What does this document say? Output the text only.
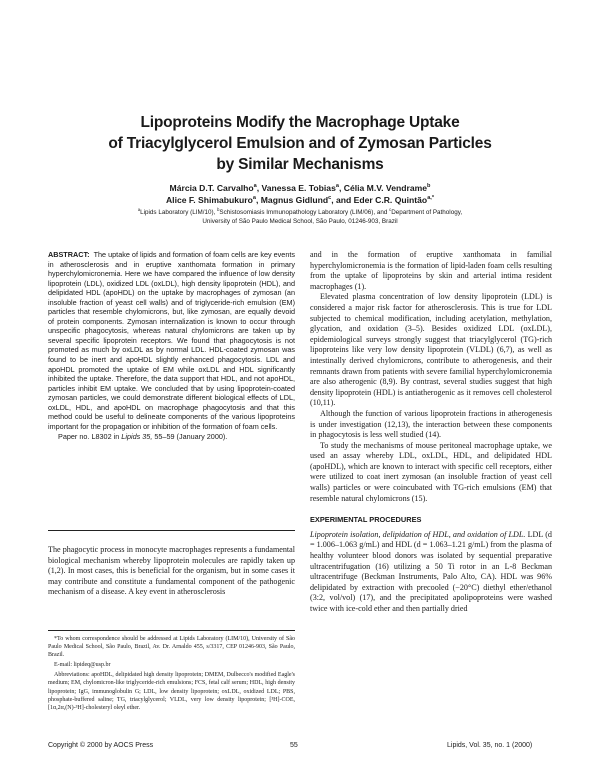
Lipoproteins Modify the Macrophage Uptake
of Triacylglycerol Emulsion and of Zymosan Particles
by Similar Mechanisms
Márcia D.T. Carvalho$^a$, Vanessa E. Tobias$^a$, Célia M.V. Vendrame$^b$
Alice F. Shimabukuro$^a$, Magnus Gidlund$^c$, and Eder C.R. Quintão$^{a,*}$
$^a$Lipids Laboratory (LIM/10), $^b$Schistosomiasis Immunopathology Laboratory (LIM/06), and $^c$Department of Pathology,
University of São Paulo Medical School, São Paulo, 01246-903, Brazil
ABSTRACT: The uptake of lipids and formation of foam cells are key events in atherosclerosis and in eruptive xanthomata formation in primary hyperchylomicronemia. Here we have compared the influence of low density lipoprotein (LDL), oxidized LDL (oxLDL), high density lipoprotein (HDL), and delipidated HDL (apoHDL) on the uptake by macrophages of zymosan (an insoluble fraction of yeast cell walls) and of triglyceride-rich emulsion (EM) particles that resemble chylomicrons, but, like zymosan, are equally devoid of protein components. Zymosan internalization is known to occur through unspecific phagocytosis, whereas natural chylomicrons are taken up by several specific lipoprotein receptors. We found that phagocytosis is not promoted as much by oxLDL as by normal LDL. HDL-coated zymosan was found to be inert and apoHDL slightly enhanced phagocytosis. LDL and apoHDL promoted the uptake of EM while oxLDL and HDL significantly inhibited the uptake. Therefore, the data support that HDL, and not apoHDL, particles inhibit EM uptake. We concluded that by using lipoprotein-coated zymosan particles, we could demonstrate different biological effects of LDL, oxLDL, HDL, and apoHDL on macrophage phagocytosis and that this method could be useful to delineate components of the various lipoproteins important for the propagation or inhibition of the formation of foam cells.
Paper no. L8302 in Lipids 35, 55–59 (January 2000).
The phagocytic process in monocyte macrophages represents a fundamental biological mechanism whereby lipoprotein molecules are rapidly taken up (1,2). In most cases, this is beneficial for the organism, but in some cases it may contribute and constitute a fundamental component of the pathogenic mechanism of a disease. A key event in atherosclerosis

*To whom correspondence should be addressed at Lipids Laboratory (LIM/10), University of São Paulo Medical School, São Paulo, Brazil, Av. Dr. Arnaldo 455, s/3317, CEP 01246-903, São Paulo, Brazil.

E-mail: lipideq@usp.br

Abbreviations: apoHDL, delipidated high density lipoprotein; DMEM, Dulbecco's modified Eagle's medium; EM, chylomicron-like triglyceride-rich emulsions; FCS, fetal calf serum; HDL, high density lipoprotein; IgG, immunoglobulin G; LDL, low density lipoprotein; oxLDL, oxidized LDL; PBS, phosphate-buffered saline; TG, triacylglycerol; VLDL, very low density lipoprotein; [³H]-COE, [1α,2α,(N)-³H]-cholesteryl oleyl ether.

and in the formation of eruptive xanthomata in familial hyperchylomicronemia is the formation of lipid-laden foam cells resulting from the uptake of lipoproteins by skin and arterial intima resident macrophages (1).

Elevated plasma concentration of low density lipoprotein (LDL) is considered a major risk factor for atherosclerosis. This is true for LDL subjected to chemical modification, including acetylation, methylation, glycation, and oxidation (3–5). Besides oxidized LDL (oxLDL), epidemiological surveys strongly suggest that triacylglycerol (TG)-rich lipoproteins like very low density lipoprotein (VLDL) (6,7), as well as intestinally derived chylomicrons, contribute to atherogenesis, and their remnants drawn from patients with severe familial hyperchylomicronemia are also atherogenic (8,9). By contrast, several studies suggest that high density lipoprotein (HDL) is antiatherogenic as it removes cell cholesterol (10,11).

Although the function of various lipoprotein fractions in atherogenesis is under investigation (12,13), the interaction between these components in phagocytosis is less well studied (14).

To study the mechanisms of mouse peritoneal macrophage uptake, we used an assay whereby LDL, oxLDL, HDL, and delipidated HDL (apoHDL), which are known to interact with specific cell receptors, either were utilized to coat inert zymosan (an insoluble fraction of yeast cell walls) particles or were coincubated with TG-rich emulsions (EM) that resemble natural chylomicrons (15).

EXPERIMENTAL PROCEDURES

Lipoprotein isolation, delipidation of HDL, and oxidation of LDL. LDL (d = 1.006–1.063 g/mL) and HDL (d = 1.063–1.21 g/mL) from the plasma of healthy volunteer blood donors was isolated by sequential preparative ultracentrifugation (16) utilizing a 50 Ti rotor in an L-8 Beckman ultracentrifuge (Beckman Instruments, Palo Alto, CA). HDL was 96% delipidated by extraction with precooled (−20°C) diethyl ether/ethanol (3:2, vol/vol) (17), and the precipitated apolipoproteins were washed twice with ice-cold ether and then partially dried

Copyright © 2000 by AOCS Press	55	Lipids, Vol. 35, no. 1 (2000)
